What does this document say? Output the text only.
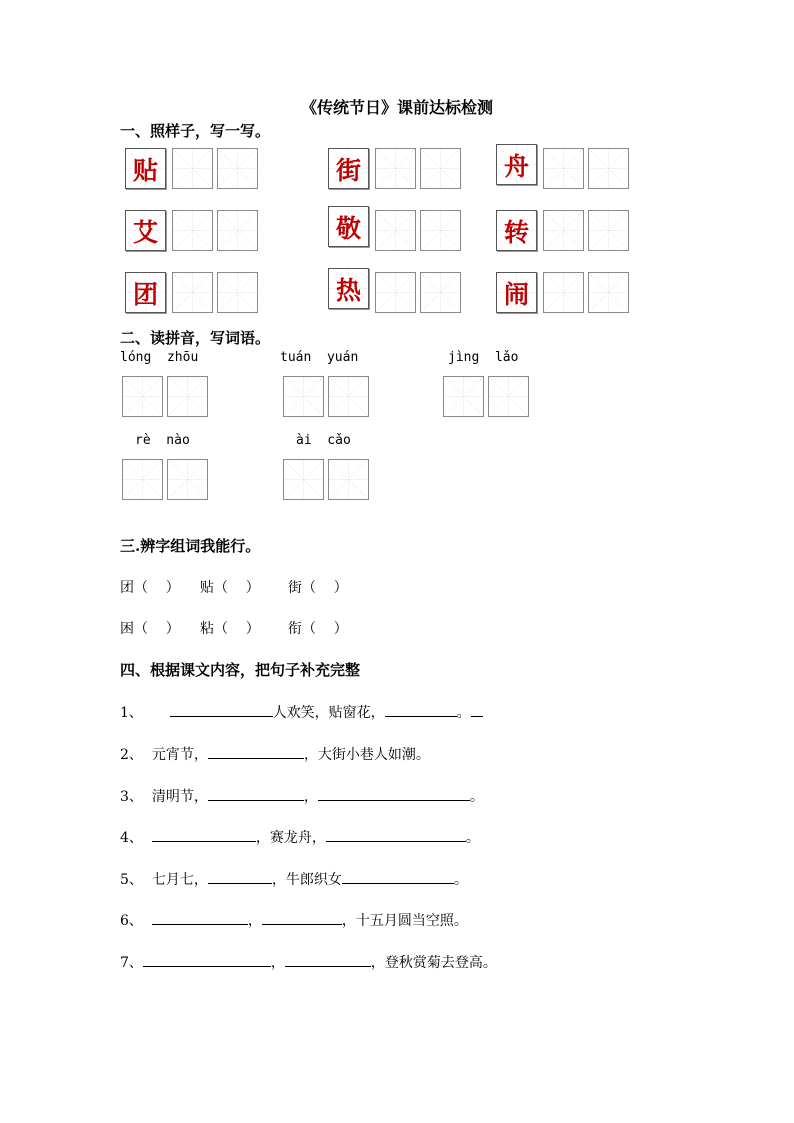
《传统节日》课前达标检测
一、照样子，写一写。
贴	街	舟
艾	敬	转
团	热	闹
二、读拼音，写词语。
lóng  zhōu	tuán  yuán	jìng  lǎo
rè  nào	ài  cǎo
三.辨字组词我能行。
团（    ） 贴（    ） 街（    ）
困（    ） 粘（    ） 衔（    ）
四、根据课文内容，把句子补充完整
1、	人欢笑，贴窗花，	。
2、 元宵节，	，大街小巷人如潮。
3、 清明节，	，	。
4、	，赛龙舟，	。
5、 七月七，	，牛郎织女	。
6、	，	，十五月圆当空照。
7、	，	，登秋赏菊去登高。
